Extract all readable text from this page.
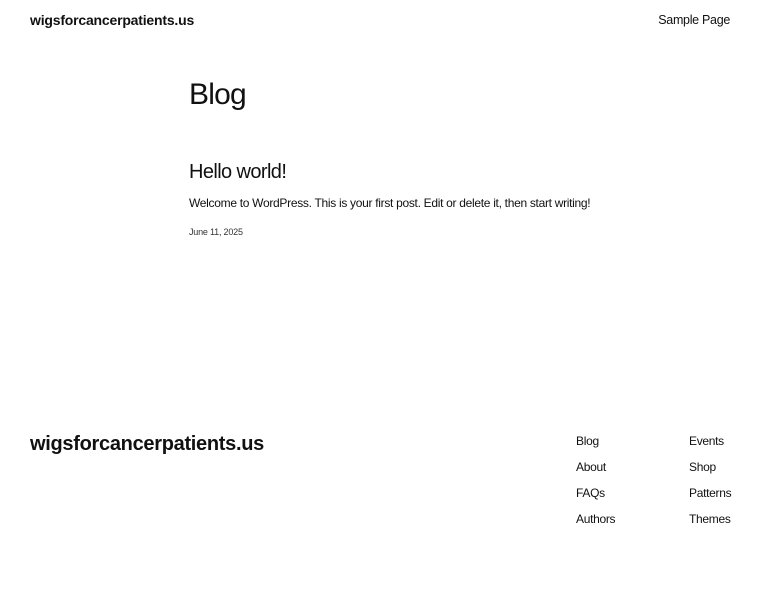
wigsforcancerpatients.us	Sample Page
Blog
Hello world!

Welcome to WordPress. This is your first post. Edit or delete it, then start writing!

June 11, 2025
wigsforcancerpatients.us	Blog
About
FAQs
Authors
Events
Shop
Patterns
Themes
